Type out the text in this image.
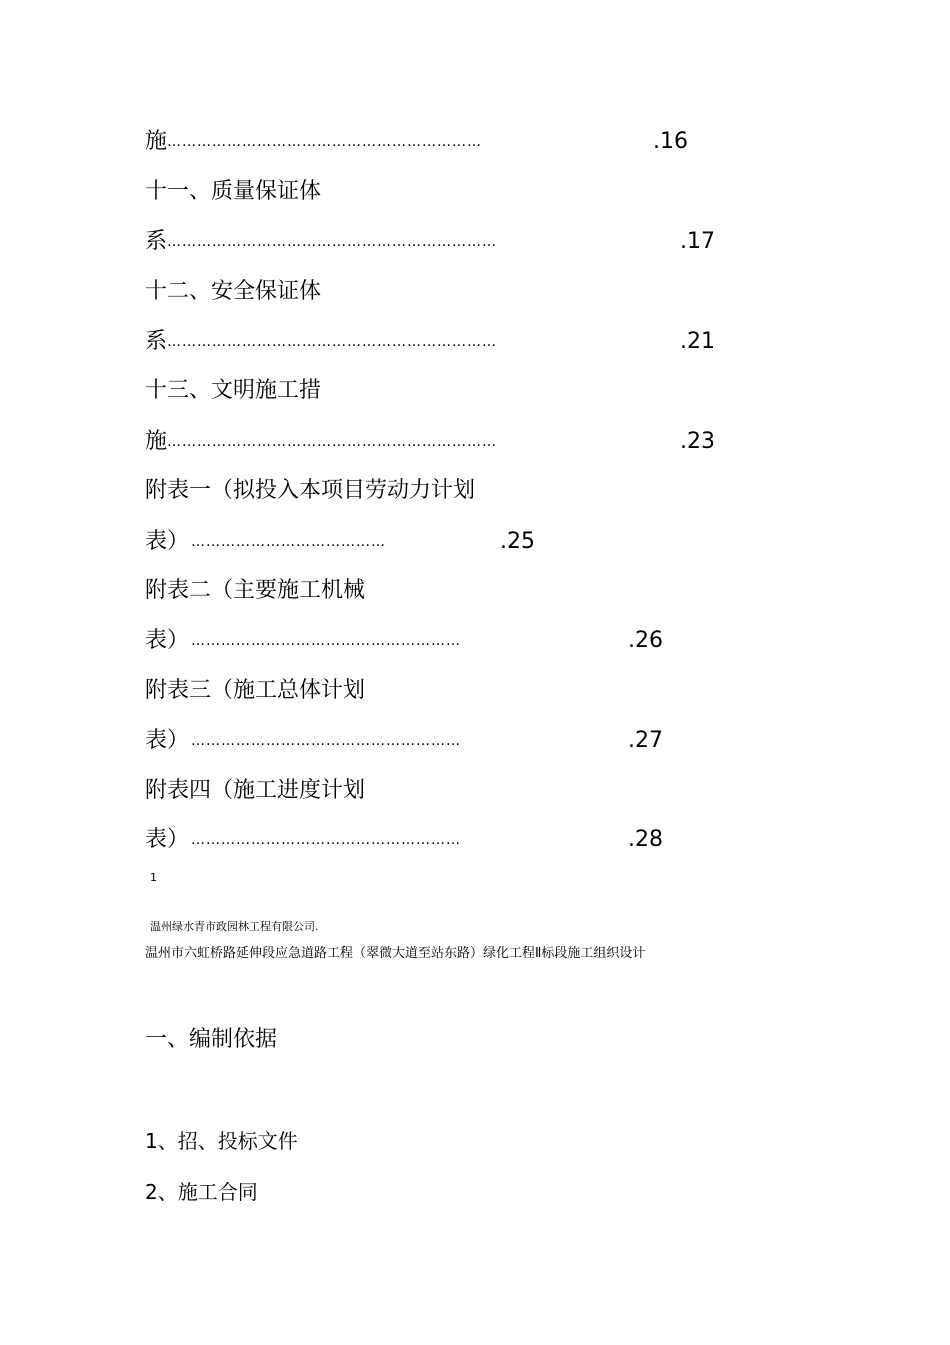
施 ………………………………………………………	.16
十一、质量保证体
系 …………………………………………………………	.17
十二、安全保证体
系 …………………………………………………………	.21
十三、文明施工措
施 …………………………………………………………	.23
附表一（拟投入本项目劳动力计划
表） …………………………………	.25
附表二（主要施工机械
表） ………………………………………………	.26
附表三（施工总体计划
表） ………………………………………………	.27
附表四（施工进度计划
表） ………………………………………………	.28
1
温州绿水青市政园林工程有限公司.
温州市六虹桥路延伸段应急道路工程（翠微大道至站东路）绿化工程Ⅱ标段施工组织设计
一、编制依据
1、招、投标文件
2、施工合同
